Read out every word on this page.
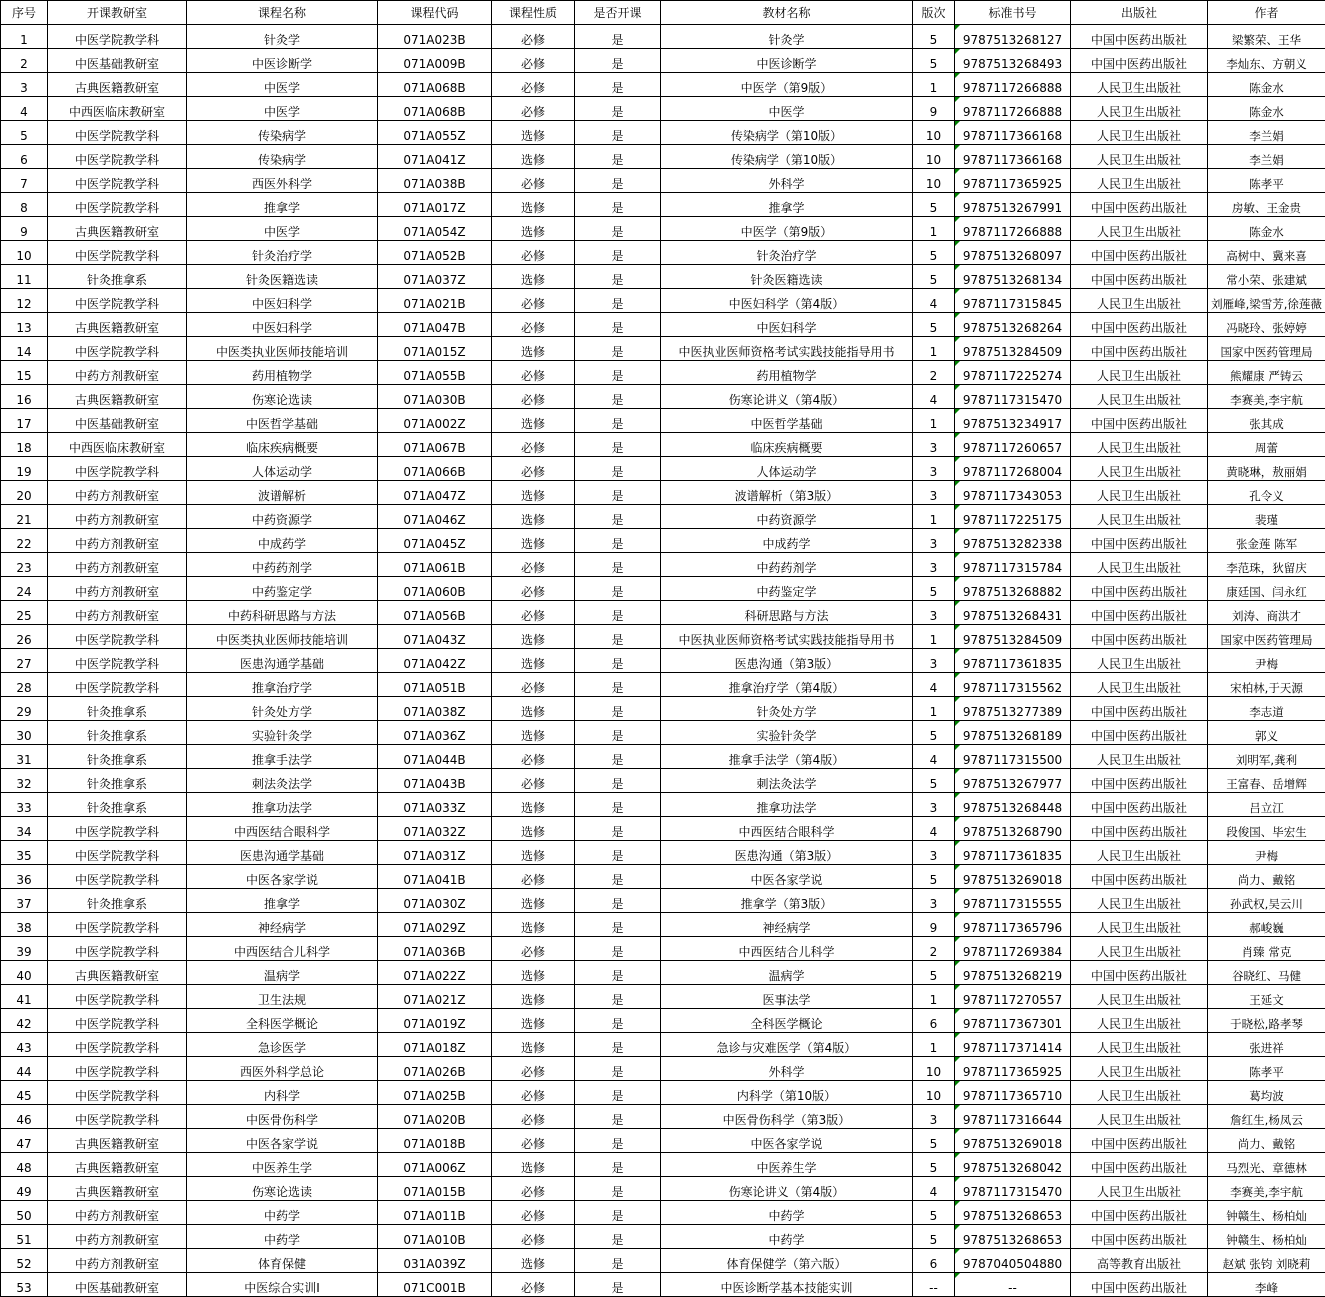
序号	开课教研室	课程名称	课程代码	课程性质	是否开课	教材名称	版次	标准书号	出版社	作者
1	中医学院教学科	针灸学	071A023B	必修	是	针灸学	5	9787513268127	中国中医药出版社	梁繁荣、王华
2	中医基础教研室	中医诊断学	071A009B	必修	是	中医诊断学	5	9787513268493	中国中医药出版社	李灿东、方朝义
3	古典医籍教研室	中医学	071A068B	必修	是	中医学（第9版）	1	9787117266888	人民卫生出版社	陈金水
4	中西医临床教研室	中医学	071A068B	必修	是	中医学	9	9787117266888	人民卫生出版社	陈金水
5	中医学院教学科	传染病学	071A055Z	选修	是	传染病学（第10版）	10	9787117366168	人民卫生出版社	李兰娟
6	中医学院教学科	传染病学	071A041Z	选修	是	传染病学（第10版）	10	9787117366168	人民卫生出版社	李兰娟
7	中医学院教学科	西医外科学	071A038B	必修	是	外科学	10	9787117365925	人民卫生出版社	陈孝平
8	中医学院教学科	推拿学	071A017Z	选修	是	推拿学	5	9787513267991	中国中医药出版社	房敏、王金贵
9	古典医籍教研室	中医学	071A054Z	选修	是	中医学（第9版）	1	9787117266888	人民卫生出版社	陈金水
10	中医学院教学科	针灸治疗学	071A052B	必修	是	针灸治疗学	5	9787513268097	中国中医药出版社	高树中、冀来喜
11	针灸推拿系	针灸医籍选读	071A037Z	选修	是	针灸医籍选读	5	9787513268134	中国中医药出版社	常小荣、张建斌
12	中医学院教学科	中医妇科学	071A021B	必修	是	中医妇科学（第4版）	4	9787117315845	人民卫生出版社	刘雁峰,梁雪芳,徐莲薇
13	古典医籍教研室	中医妇科学	071A047B	必修	是	中医妇科学	5	9787513268264	中国中医药出版社	冯晓玲、张婷婷
14	中医学院教学科	中医类执业医师技能培训	071A015Z	选修	是	中医执业医师资格考试实践技能指导用书	1	9787513284509	中国中医药出版社	国家中医药管理局
15	中药方剂教研室	药用植物学	071A055B	必修	是	药用植物学	2	9787117225274	人民卫生出版社	熊耀康 严铸云
16	古典医籍教研室	伤寒论选读	071A030B	必修	是	伤寒论讲义（第4版）	4	9787117315470	人民卫生出版社	李赛美,李宇航
17	中医基础教研室	中医哲学基础	071A002Z	选修	是	中医哲学基础	1	9787513234917	中国中医药出版社	张其成
18	中西医临床教研室	临床疾病概要	071A067B	必修	是	临床疾病概要	3	9787117260657	人民卫生出版社	周蕾
19	中医学院教学科	人体运动学	071A066B	必修	是	人体运动学	3	9787117268004	人民卫生出版社	黄晓琳，敖丽娟
20	中药方剂教研室	波谱解析	071A047Z	选修	是	波谱解析（第3版）	3	9787117343053	人民卫生出版社	孔令义
21	中药方剂教研室	中药资源学	071A046Z	选修	是	中药资源学	1	9787117225175	人民卫生出版社	裴瑾
22	中药方剂教研室	中成药学	071A045Z	选修	是	中成药学	3	9787513282338	中国中医药出版社	张金莲 陈军
23	中药方剂教研室	中药药剂学	071A061B	必修	是	中药药剂学	3	9787117315784	人民卫生出版社	李范珠，狄留庆
24	中药方剂教研室	中药鉴定学	071A060B	必修	是	中药鉴定学	5	9787513268882	中国中医药出版社	康廷国、闫永红
25	中药方剂教研室	中药科研思路与方法	071A056B	必修	是	科研思路与方法	3	9787513268431	中国中医药出版社	刘涛、商洪才
26	中医学院教学科	中医类执业医师技能培训	071A043Z	选修	是	中医执业医师资格考试实践技能指导用书	1	9787513284509	中国中医药出版社	国家中医药管理局
27	中医学院教学科	医患沟通学基础	071A042Z	选修	是	医患沟通（第3版）	3	9787117361835	人民卫生出版社	尹梅
28	中医学院教学科	推拿治疗学	071A051B	必修	是	推拿治疗学（第4版）	4	9787117315562	人民卫生出版社	宋柏林,于天源
29	针灸推拿系	针灸处方学	071A038Z	选修	是	针灸处方学	1	9787513277389	中国中医药出版社	李志道
30	针灸推拿系	实验针灸学	071A036Z	选修	是	实验针灸学	5	9787513268189	中国中医药出版社	郭义
31	针灸推拿系	推拿手法学	071A044B	必修	是	推拿手法学（第4版）	4	9787117315500	人民卫生出版社	刘明军,龚利
32	针灸推拿系	刺法灸法学	071A043B	必修	是	刺法灸法学	5	9787513267977	中国中医药出版社	王富春、岳增辉
33	针灸推拿系	推拿功法学	071A033Z	选修	是	推拿功法学	3	9787513268448	中国中医药出版社	吕立江
34	中医学院教学科	中西医结合眼科学	071A032Z	选修	是	中西医结合眼科学	4	9787513268790	中国中医药出版社	段俊国、毕宏生
35	中医学院教学科	医患沟通学基础	071A031Z	选修	是	医患沟通（第3版）	3	9787117361835	人民卫生出版社	尹梅
36	中医学院教学科	中医各家学说	071A041B	必修	是	中医各家学说	5	9787513269018	中国中医药出版社	尚力、戴铭
37	针灸推拿系	推拿学	071A030Z	选修	是	推拿学（第3版）	3	9787117315555	人民卫生出版社	孙武权,吴云川
38	中医学院教学科	神经病学	071A029Z	选修	是	神经病学	9	9787117365796	人民卫生出版社	郝峻巍
39	中医学院教学科	中西医结合儿科学	071A036B	必修	是	中西医结合儿科学	2	9787117269384	人民卫生出版社	肖臻 常克
40	古典医籍教研室	温病学	071A022Z	选修	是	温病学	5	9787513268219	中国中医药出版社	谷晓红、马健
41	中医学院教学科	卫生法规	071A021Z	选修	是	医事法学	1	9787117270557	人民卫生出版社	王延文
42	中医学院教学科	全科医学概论	071A019Z	选修	是	全科医学概论	6	9787117367301	人民卫生出版社	于晓松,路孝琴
43	中医学院教学科	急诊医学	071A018Z	选修	是	急诊与灾难医学（第4版）	1	9787117371414	人民卫生出版社	张进祥
44	中医学院教学科	西医外科学总论	071A026B	必修	是	外科学	10	9787117365925	人民卫生出版社	陈孝平
45	中医学院教学科	内科学	071A025B	必修	是	内科学（第10版）	10	9787117365710	人民卫生出版社	葛均波
46	中医学院教学科	中医骨伤科学	071A020B	必修	是	中医骨伤科学（第3版）	3	9787117316644	人民卫生出版社	詹红生,杨凤云
47	古典医籍教研室	中医各家学说	071A018B	必修	是	中医各家学说	5	9787513269018	中国中医药出版社	尚力、戴铭
48	古典医籍教研室	中医养生学	071A006Z	选修	是	中医养生学	5	9787513268042	中国中医药出版社	马烈光、章德林
49	古典医籍教研室	伤寒论选读	071A015B	必修	是	伤寒论讲义（第4版）	4	9787117315470	人民卫生出版社	李赛美,李宇航
50	中药方剂教研室	中药学	071A011B	必修	是	中药学	5	9787513268653	中国中医药出版社	钟赣生、杨柏灿
51	中药方剂教研室	中药学	071A010B	必修	是	中药学	5	9787513268653	中国中医药出版社	钟赣生、杨柏灿
52	中药方剂教研室	体育保健	031A039Z	选修	是	体育保健学（第六版）	6	9787040504880	高等教育出版社	赵斌 张钧 刘晓莉
53	中医基础教研室	中医综合实训Ⅰ	071C001B	必修	是	中医诊断学基本技能实训	--	--	中国中医药出版社	李峰
